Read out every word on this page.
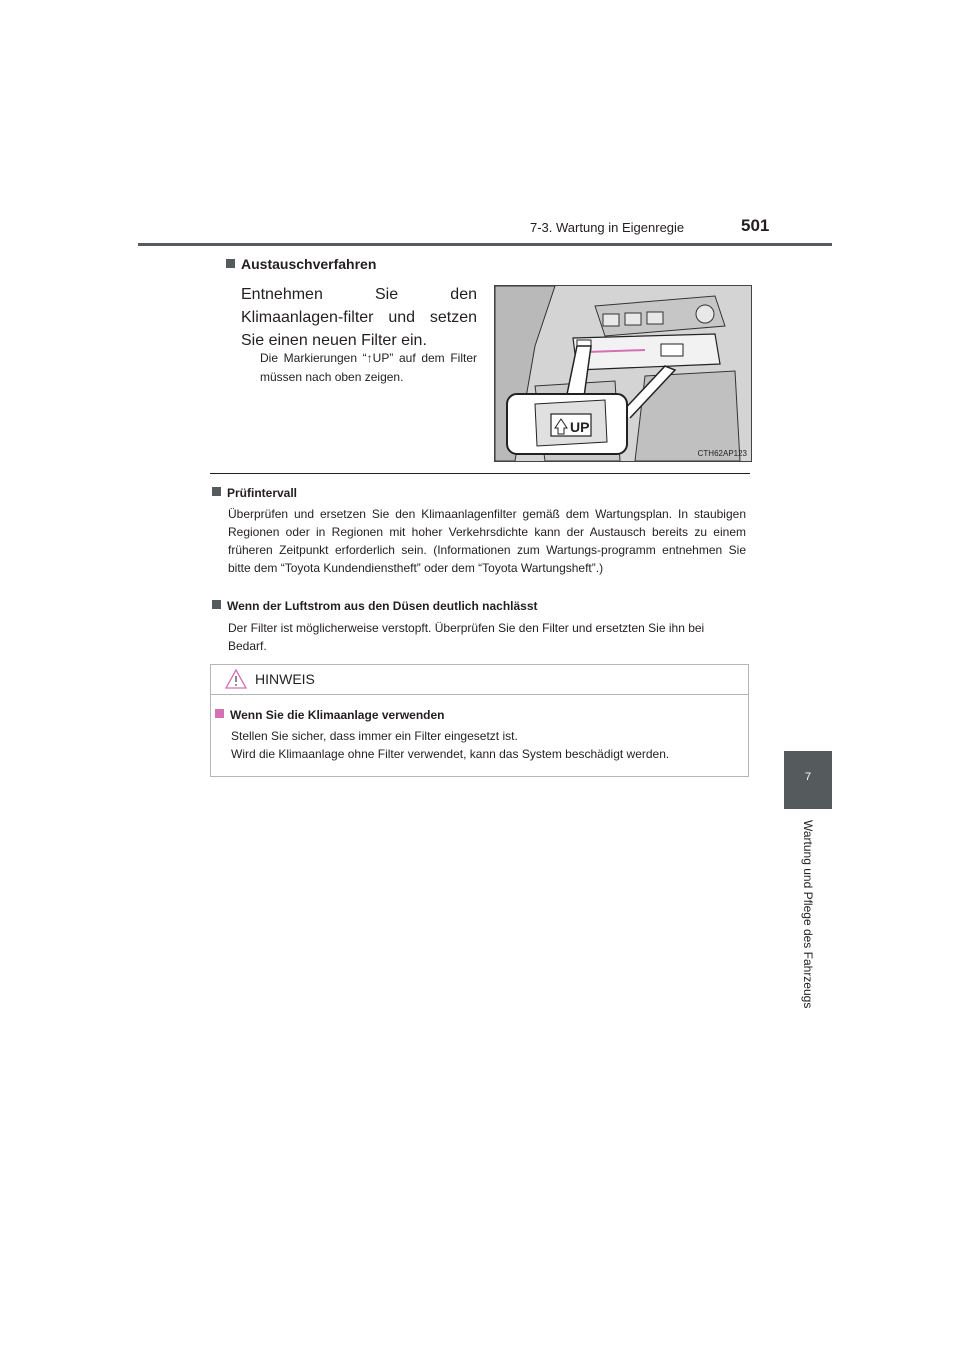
7-3. Wartung in Eigenregie	501
7
Wartung und Pflege des Fahrzeugs
Austauschverfahren
Entnehmen Sie den Klimaanlagen-filter und setzen Sie einen neuen Filter ein.
Die Markierungen “↑UP” auf dem Filter müssen nach oben zeigen.
UP
CTH62AP123
Prüfintervall
Überprüfen und ersetzen Sie den Klimaanlagenfilter gemäß dem Wartungsplan. In staubigen Regionen oder in Regionen mit hoher Verkehrsdichte kann der Austausch bereits zu einem früheren Zeitpunkt erforderlich sein. (Informationen zum Wartungs-programm entnehmen Sie bitte dem “Toyota Kundendienstheft” oder dem “Toyota Wartungsheft”.)
Wenn der Luftstrom aus den Düsen deutlich nachlässt
Der Filter ist möglicherweise verstopft. Überprüfen Sie den Filter und ersetzten Sie ihn bei Bedarf.
HINWEIS
Wenn Sie die Klimaanlage verwenden
Stellen Sie sicher, dass immer ein Filter eingesetzt ist.
Wird die Klimaanlage ohne Filter verwendet, kann das System beschädigt werden.
